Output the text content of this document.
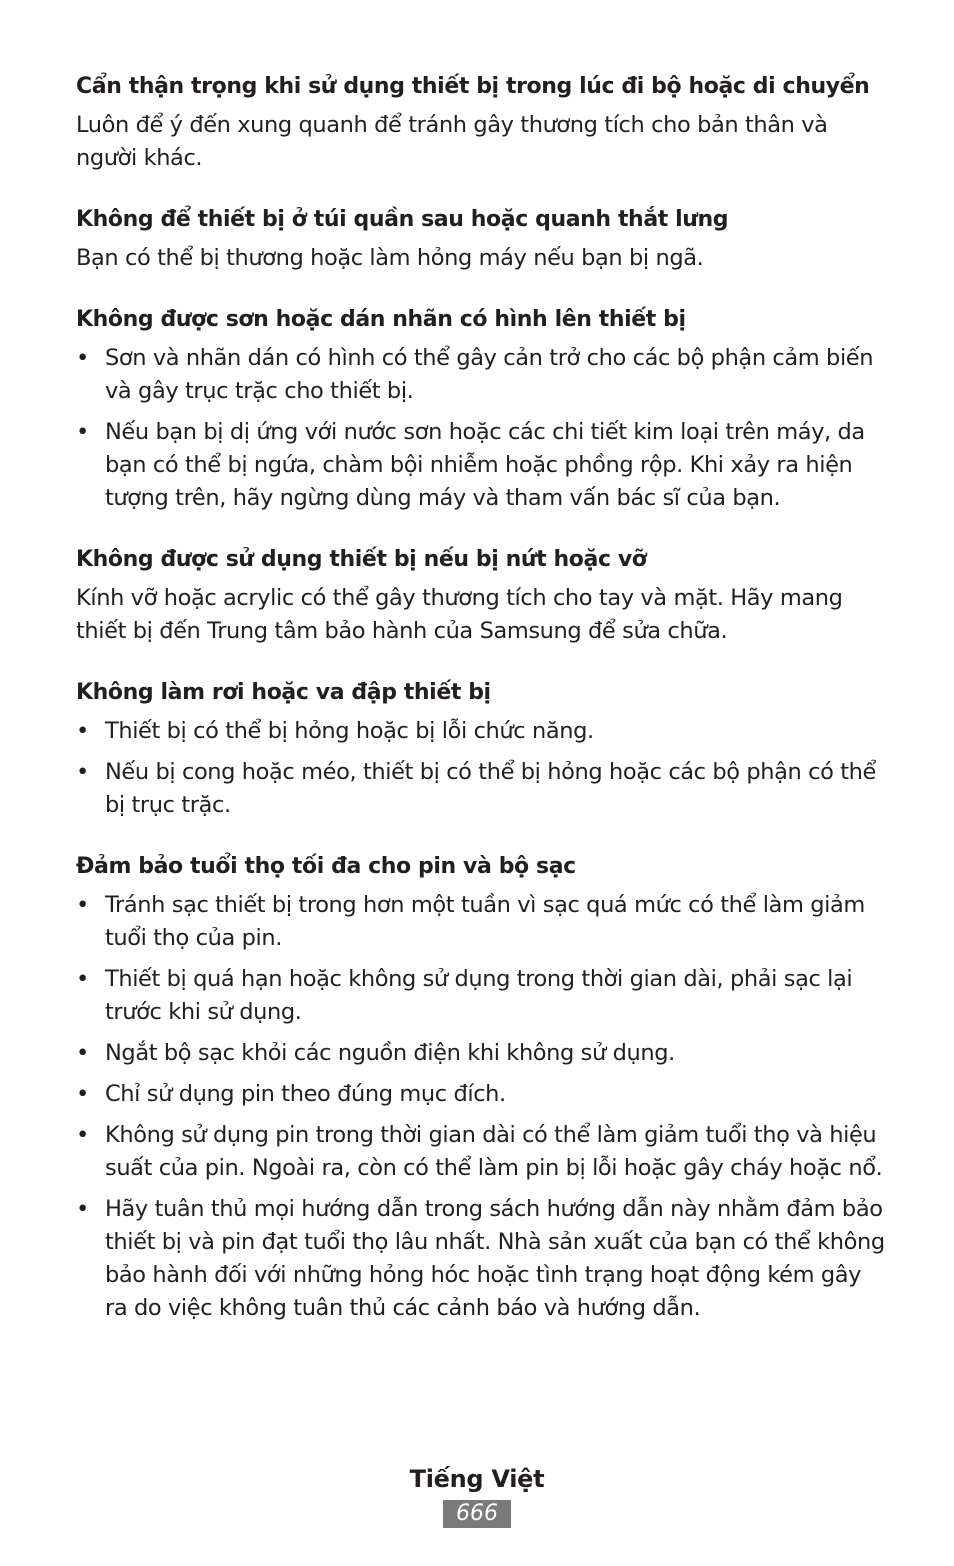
Cẩn thận trọng khi sử dụng thiết bị trong lúc đi bộ hoặc di chuyển

Luôn để ý đến xung quanh để tránh gây thương tích cho bản thân và người khác.

Không để thiết bị ở túi quần sau hoặc quanh thắt lưng

Bạn có thể bị thương hoặc làm hỏng máy nếu bạn bị ngã.

Không được sơn hoặc dán nhãn có hình lên thiết bị
• Sơn và nhãn dán có hình có thể gây cản trở cho các bộ phận cảm biến và gây trục trặc cho thiết bị.
• Nếu bạn bị dị ứng với nước sơn hoặc các chi tiết kim loại trên máy, da bạn có thể bị ngứa, chàm bội nhiễm hoặc phồng rộp. Khi xảy ra hiện tượng trên, hãy ngừng dùng máy và tham vấn bác sĩ của bạn.
Không được sử dụng thiết bị nếu bị nứt hoặc vỡ

Kính vỡ hoặc acrylic có thể gây thương tích cho tay và mặt. Hãy mang thiết bị đến Trung tâm bảo hành của Samsung để sửa chữa.

Không làm rơi hoặc va đập thiết bị
• Thiết bị có thể bị hỏng hoặc bị lỗi chức năng.
• Nếu bị cong hoặc méo, thiết bị có thể bị hỏng hoặc các bộ phận có thể bị trục trặc.
Đảm bảo tuổi thọ tối đa cho pin và bộ sạc
• Tránh sạc thiết bị trong hơn một tuần vì sạc quá mức có thể làm giảm tuổi thọ của pin.
• Thiết bị quá hạn hoặc không sử dụng trong thời gian dài, phải sạc lại trước khi sử dụng.
• Ngắt bộ sạc khỏi các nguồn điện khi không sử dụng.
• Chỉ sử dụng pin theo đúng mục đích.
• Không sử dụng pin trong thời gian dài có thể làm giảm tuổi thọ và hiệu suất của pin. Ngoài ra, còn có thể làm pin bị lỗi hoặc gây cháy hoặc nổ.
• Hãy tuân thủ mọi hướng dẫn trong sách hướng dẫn này nhằm đảm bảo thiết bị và pin đạt tuổi thọ lâu nhất. Nhà sản xuất của bạn có thể không bảo hành đối với những hỏng hóc hoặc tình trạng hoạt động kém gây ra do việc không tuân thủ các cảnh báo và hướng dẫn.
Tiếng Việt
666
